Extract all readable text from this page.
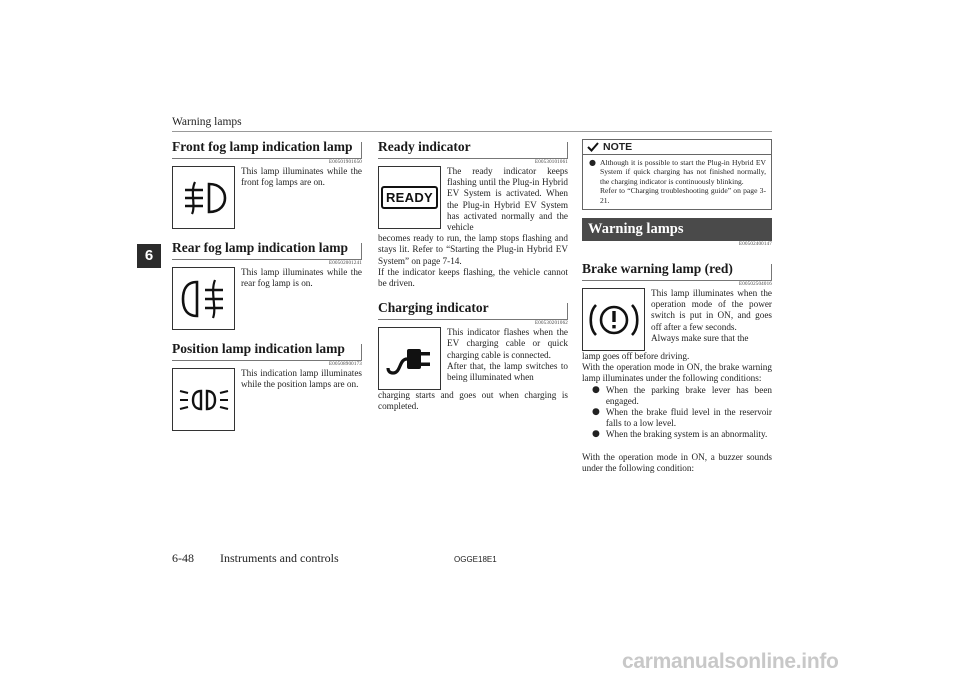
Warning lamps
6
Front fog lamp indication lamp
E00501901650
This lamp illuminates while the front fog lamps are on.
Rear fog lamp indication lamp
E00502001241
This lamp illuminates while the rear fog lamp is on.
Position lamp indication lamp
E00508900173
This indication lamp illuminates while the position lamps are on.
Ready indicator
E00530101061
READY
The ready indicator keeps flashing until the Plug-in Hybrid EV System is activated. When the Plug-in Hybrid EV System has activated normally and the vehicle
becomes ready to run, the lamp stops flashing and stays lit. Refer to “Starting the Plug-in Hybrid EV System” on page 7-14.
If the indicator keeps flashing, the vehicle cannot be driven.
Charging indicator
E00530201062
This indicator flashes when the EV charging cable or quick charging cable is connected.
After that, the lamp switches to being illuminated when
charging starts and goes out when charging is completed.
NOTE
● Although it is possible to start the Plug-in Hybrid EV System if quick charging has not finished normally, the charging indicator is continuously blinking.
Refer to “Charging troubleshooting guide” on page 3-21.
Warning lamps
E00502400147
Brake warning lamp (red)
E00502504016
This lamp illuminates when the operation mode of the power switch is put in ON, and goes off after a few seconds.
Always make sure that the
lamp goes off before driving.
With the operation mode in ON, the brake warning lamp illuminates under the following conditions:
● When the parking brake lever has been engaged.
● When the brake fluid level in the reservoir falls to a low level.
● When the braking system is an abnormality.
With the operation mode in ON, a buzzer sounds under the following condition:
6-48 Instruments and controls	OGGE18E1
carmanualsonline.info
